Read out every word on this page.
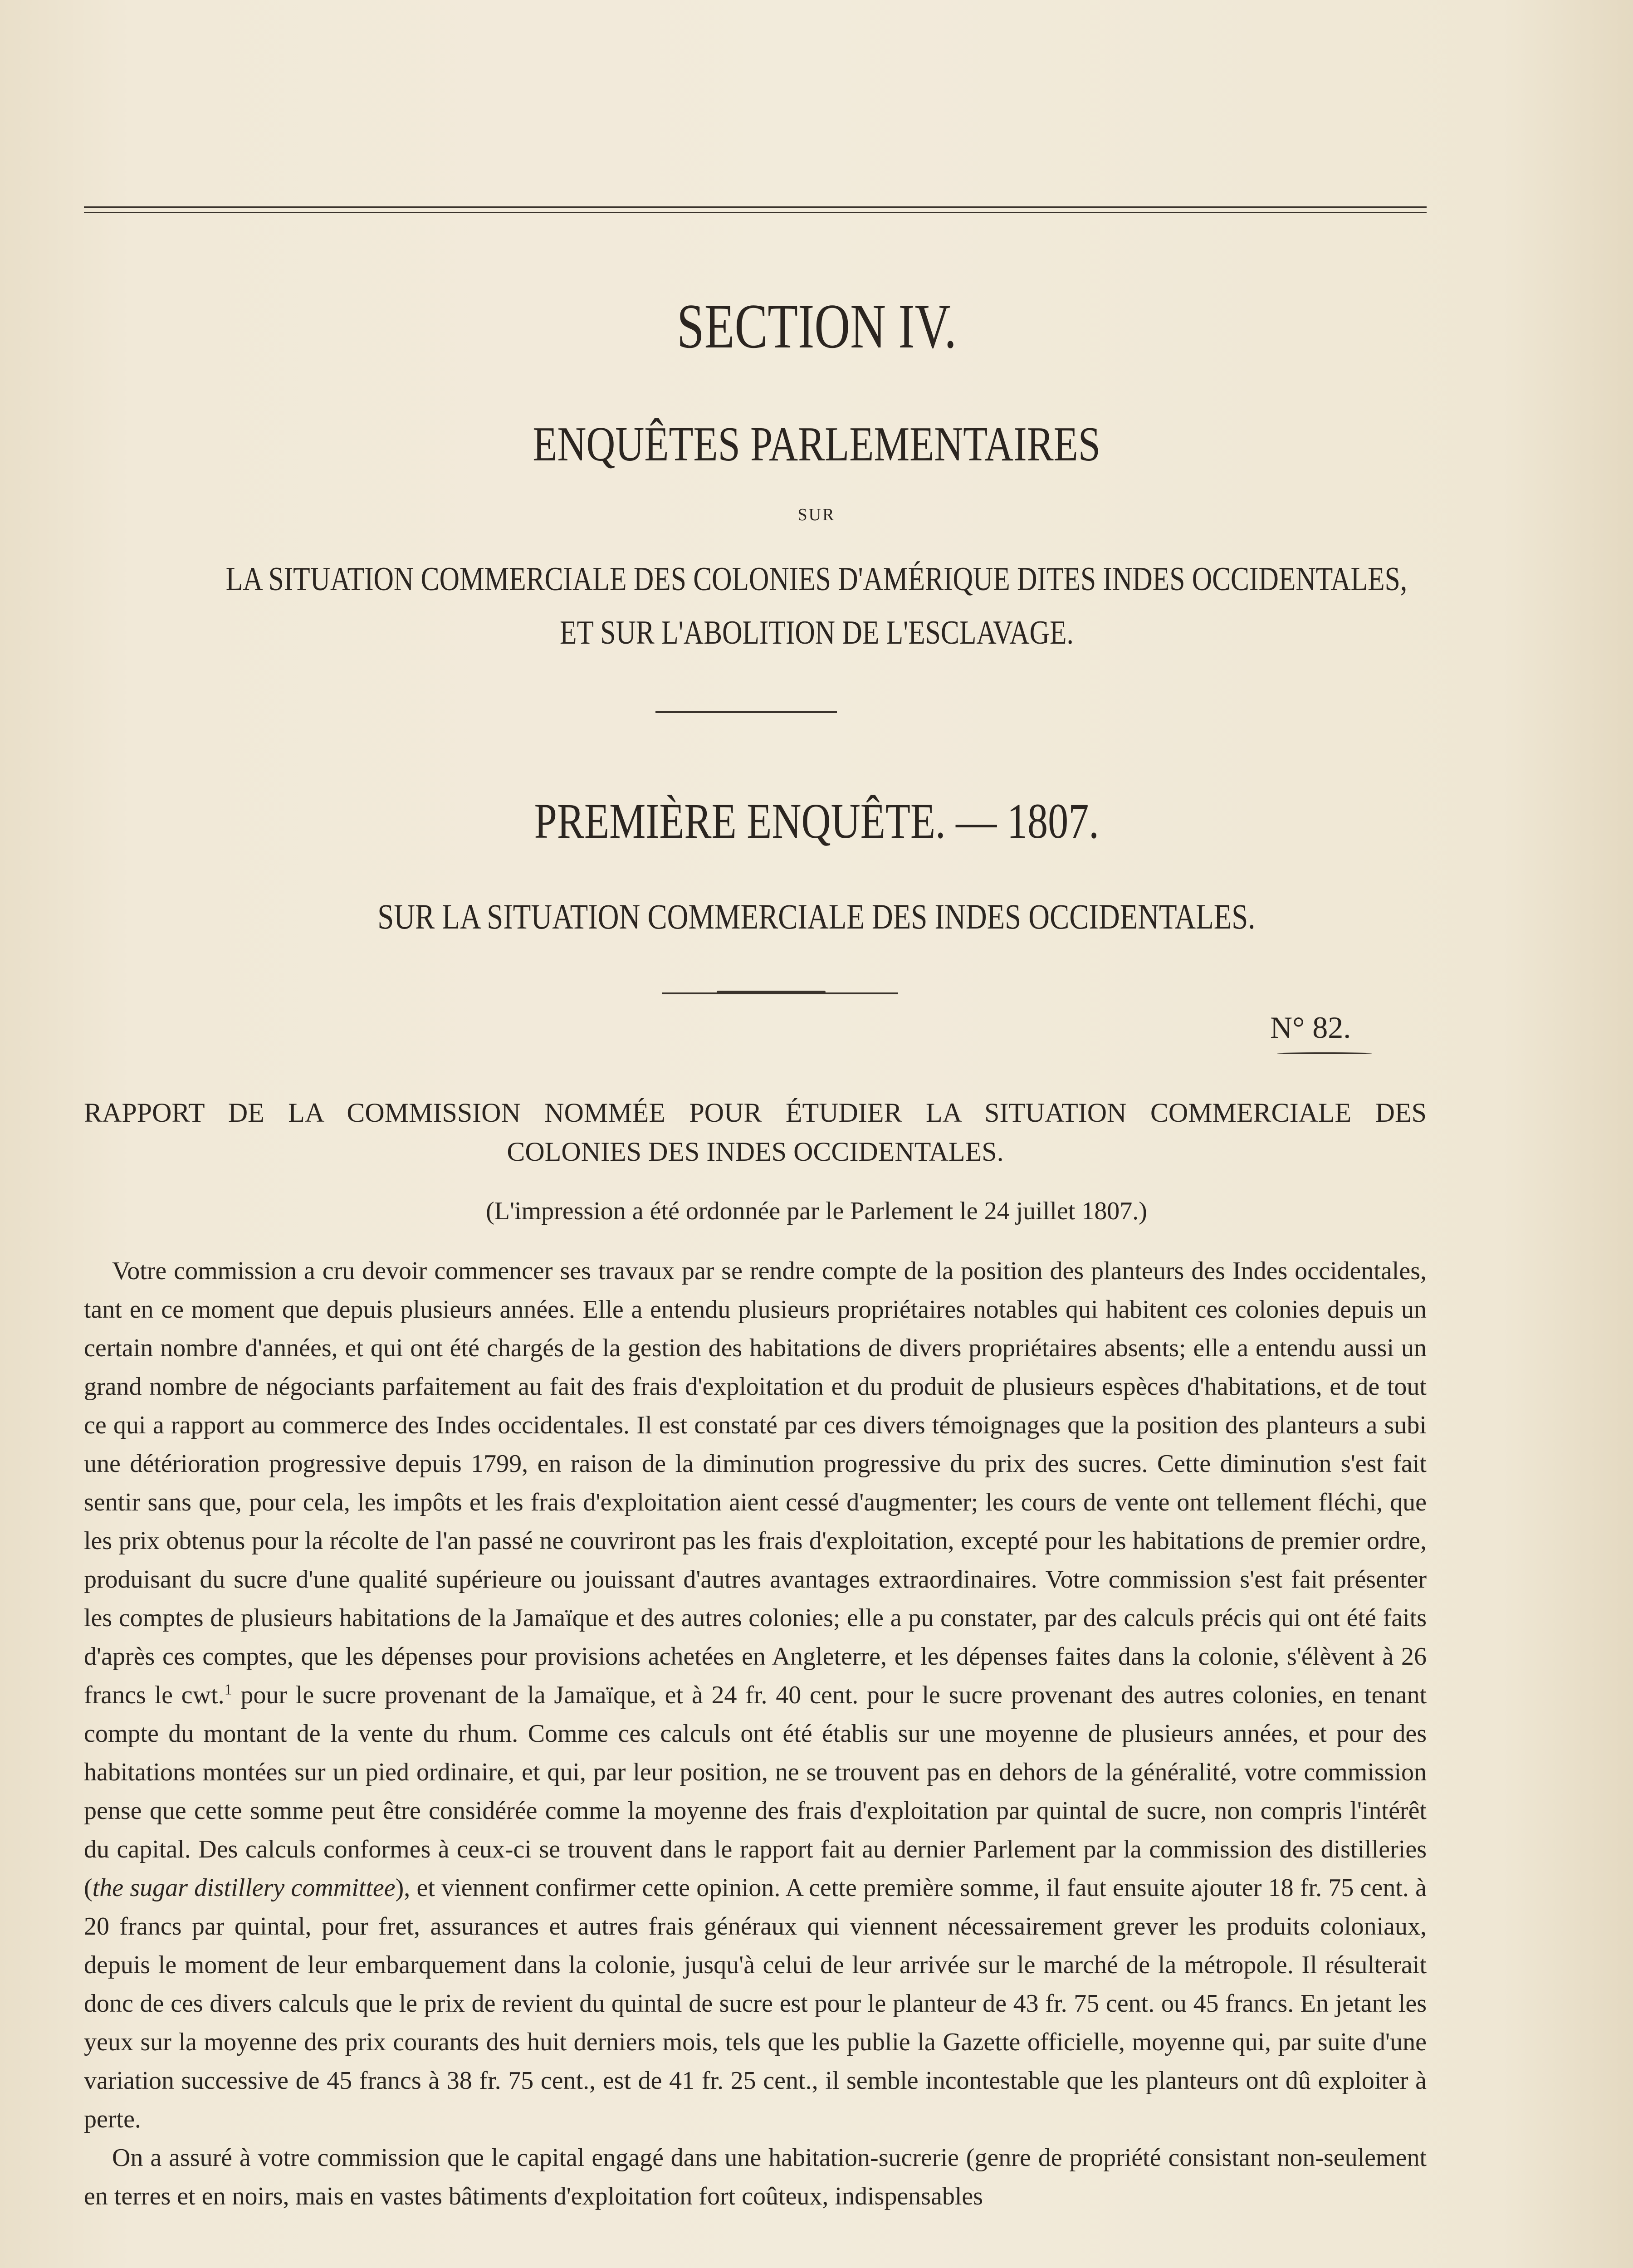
SECTION IV.
ENQUÊTES PARLEMENTAIRES
SUR
LA SITUATION COMMERCIALE DES COLONIES D'AMÉRIQUE DITES INDES OCCIDENTALES,
ET SUR L'ABOLITION DE L'ESCLAVAGE.
PREMIÈRE ENQUÊTE. — 1807.
SUR LA SITUATION COMMERCIALE DES INDES OCCIDENTALES.
N° 82.
RAPPORT DE LA COMMISSION NOMMÉE POUR ÉTUDIER LA SITUATION COMMERCIALE DES
COLONIES DES INDES OCCIDENTALES.
(L'impression a été ordonnée par le Parlement le 24 juillet 1807.)

Votre commission a cru devoir commencer ses travaux par se rendre compte de la position des planteurs des Indes occidentales, tant en ce moment que depuis plusieurs années. Elle a entendu plusieurs propriétaires notables qui habitent ces colonies depuis un certain nombre d'années, et qui ont été chargés de la gestion des habitations de divers propriétaires absents; elle a entendu aussi un grand nombre de négociants parfaitement au fait des frais d'exploitation et du produit de plusieurs espèces d'habitations, et de tout ce qui a rapport au commerce des Indes occidentales. Il est constaté par ces divers témoignages que la position des planteurs a subi une détérioration progressive depuis 1799, en raison de la diminution progressive du prix des sucres. Cette diminution s'est fait sentir sans que, pour cela, les impôts et les frais d'exploitation aient cessé d'augmenter; les cours de vente ont tellement fléchi, que les prix obtenus pour la récolte de l'an passé ne couvriront pas les frais d'exploitation, excepté pour les habitations de premier ordre, produisant du sucre d'une qualité supérieure ou jouissant d'autres avantages extraordinaires. Votre commission s'est fait présenter les comptes de plusieurs habitations de la Jamaïque et des autres colonies; elle a pu constater, par des calculs précis qui ont été faits d'après ces comptes, que les dépenses pour provisions achetées en Angleterre, et les dépenses faites dans la colonie, s'élèvent à 26 francs le cwt.$^1$ pour le sucre provenant de la Jamaïque, et à 24 fr. 40 cent. pour le sucre provenant des autres colonies, en tenant compte du montant de la vente du rhum. Comme ces calculs ont été établis sur une moyenne de plusieurs années, et pour des habitations montées sur un pied ordinaire, et qui, par leur position, ne se trouvent pas en dehors de la généralité, votre commission pense que cette somme peut être considérée comme la moyenne des frais d'exploitation par quintal de sucre, non compris l'intérêt du capital. Des calculs conformes à ceux-ci se trouvent dans le rapport fait au dernier Parlement par la commission des distilleries (the sugar distillery committee), et viennent confirmer cette opinion. A cette première somme, il faut ensuite ajouter 18 fr. 75 cent. à 20 francs par quintal, pour fret, assurances et autres frais généraux qui viennent nécessairement grever les produits coloniaux, depuis le moment de leur embarquement dans la colonie, jusqu'à celui de leur arrivée sur le marché de la métropole. Il résulterait donc de ces divers calculs que le prix de revient du quintal de sucre est pour le planteur de 43 fr. 75 cent. ou 45 francs. En jetant les yeux sur la moyenne des prix courants des huit derniers mois, tels que les publie la Gazette officielle, moyenne qui, par suite d'une variation successive de 45 francs à 38 fr. 75 cent., est de 41 fr. 25 cent., il semble incontestable que les planteurs ont dû exploiter à perte.

On a assuré à votre commission que le capital engagé dans une habitation-sucrerie (genre de propriété consistant non-seulement en terres et en noirs, mais en vastes bâtiments d'exploitation fort coûteux, indispensables
